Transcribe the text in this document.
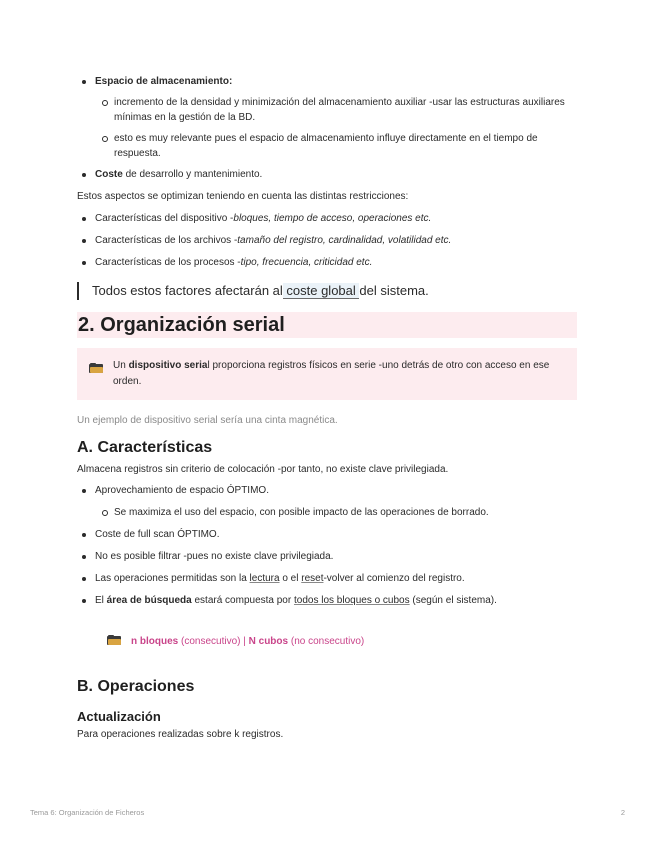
Espacio de almacenamiento:
incremento de la densidad y minimización del almacenamiento auxiliar -usar las estructuras auxiliares mínimas en la gestión de la BD.
esto es muy relevante pues el espacio de almacenamiento influye directamente en el tiempo de respuesta.
Coste de desarrollo y mantenimiento.
Estos aspectos se optimizan teniendo en cuenta las distintas restricciones:
Características del dispositivo -bloques, tiempo de acceso, operaciones etc.
Características de los archivos -tamaño del registro, cardinalidad, volatilidad etc.
Características de los procesos -tipo, frecuencia, criticidad etc.
Todos estos factores afectarán al coste global del sistema.
2. Organización serial
Un dispositivo serial proporciona registros físicos en serie -uno detrás de otro con acceso en ese orden.
Un ejemplo de dispositivo serial sería una cinta magnética.
A. Características
Almacena registros sin criterio de colocación -por tanto, no existe clave privilegiada.
Aprovechamiento de espacio ÓPTIMO.
Se maximiza el uso del espacio, con posible impacto de las operaciones de borrado.
Coste de full scan ÓPTIMO.
No es posible filtrar -pues no existe clave privilegiada.
Las operaciones permitidas son la lectura o el reset-volver al comienzo del registro.
El área de búsqueda estará compuesta por todos los bloques o cubos (según el sistema).
n bloques (consecutivo) | N cubos (no consecutivo)
B. Operaciones
Actualización
Para operaciones realizadas sobre k registros.
Tema 6: Organización de Ficheros	2
